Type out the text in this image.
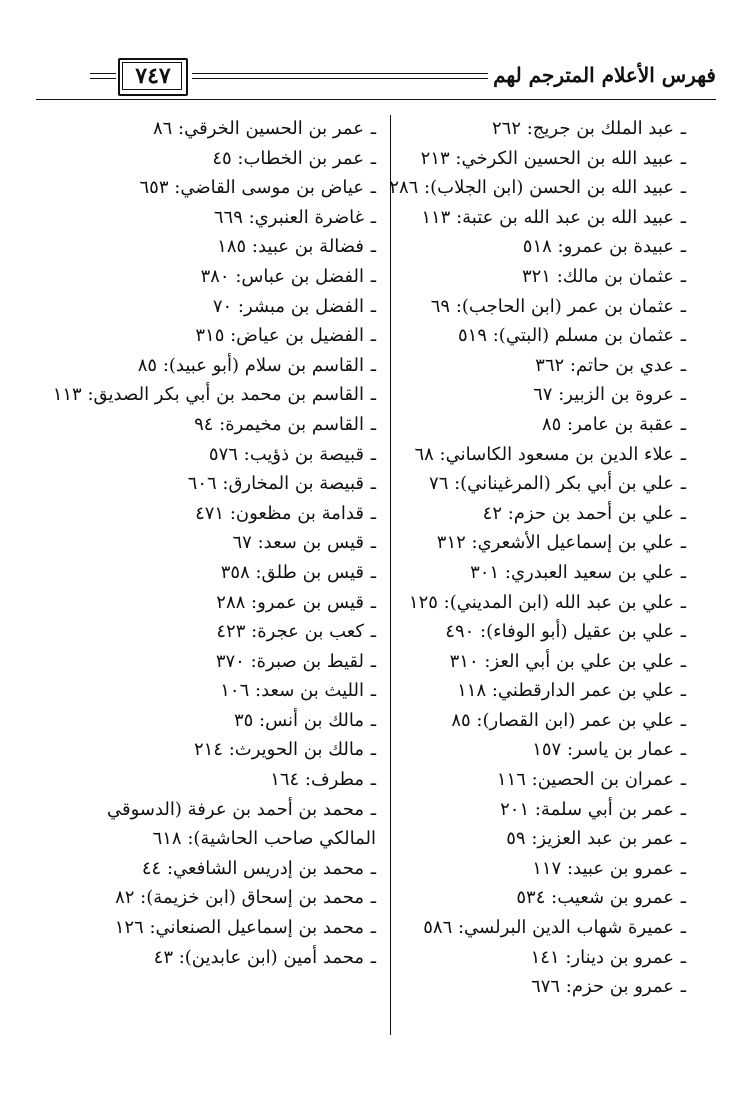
فهرس الأعلام المترجم لهم
٧٤٧
ـعبد الملك بن جريج: ٢٦٢
ـعبيد الله بن الحسين الكرخي: ٢١٣
ـعبيد الله بن الحسن (ابن الجلاب): ٢٨٦
ـعبيد الله بن عبد الله بن عتبة: ١١٣
ـعبيدة بن عمرو: ٥١٨
ـعثمان بن مالك: ٣٢١
ـعثمان بن عمر (ابن الحاجب): ٦٩
ـعثمان بن مسلم (البتي): ٥١٩
ـعدي بن حاتم: ٣٦٢
ـعروة بن الزبير: ٦٧
ـعقبة بن عامر: ٨٥
ـعلاء الدين بن مسعود الكاساني: ٦٨
ـعلي بن أبي بكر (المرغيناني): ٧٦
ـعلي بن أحمد بن حزم: ٤٢
ـعلي بن إسماعيل الأشعري: ٣١٢
ـعلي بن سعيد العبدري: ٣٠١
ـعلي بن عبد الله (ابن المديني): ١٢٥
ـعلي بن عقيل (أبو الوفاء): ٤٩٠
ـعلي بن علي بن أبي العز: ٣١٠
ـعلي بن عمر الدارقطني: ١١٨
ـعلي بن عمر (ابن القصار): ٨٥
ـعمار بن ياسر: ١٥٧
ـعمران بن الحصين: ١١٦
ـعمر بن أبي سلمة: ٢٠١
ـعمر بن عبد العزيز: ٥٩
ـعمرو بن عبيد: ١١٧
ـعمرو بن شعيب: ٥٣٤
ـعميرة شهاب الدين البرلسي: ٥٨٦
ـعمرو بن دينار: ١٤١
ـعمرو بن حزم: ٦٧٦
ـعمر بن الحسين الخرقي: ٨٦
ـعمر بن الخطاب: ٤٥
ـعياض بن موسى القاضي: ٦٥٣
ـغاضرة العنبري: ٦٦٩
ـفضالة بن عبيد: ١٨٥
ـالفضل بن عباس: ٣٨٠
ـالفضل بن مبشر: ٧٠
ـالفضيل بن عياض: ٣١٥
ـالقاسم بن سلام (أبو عبيد): ٨٥
ـالقاسم بن محمد بن أبي بكر الصديق: ١١٣
ـالقاسم بن مخيمرة: ٩٤
ـقبيصة بن ذؤيب: ٥٧٦
ـقبيصة بن المخارق: ٦٠٦
ـقدامة بن مظعون: ٤٧١
ـقيس بن سعد: ٦٧
ـقيس بن طلق: ٣٥٨
ـقيس بن عمرو: ٢٨٨
ـكعب بن عجرة: ٤٢٣
ـلقيط بن صبرة: ٣٧٠
ـالليث بن سعد: ١٠٦
ـمالك بن أنس: ٣٥
ـمالك بن الحويرث: ٢١٤
ـمطرف: ١٦٤
ـمحمد بن أحمد بن عرفة (الدسوقي المالكي صاحب الحاشية): ٦١٨
ـمحمد بن إدريس الشافعي: ٤٤
ـمحمد بن إسحاق (ابن خزيمة): ٨٢
ـمحمد بن إسماعيل الصنعاني: ١٢٦
ـمحمد أمين (ابن عابدين): ٤٣
